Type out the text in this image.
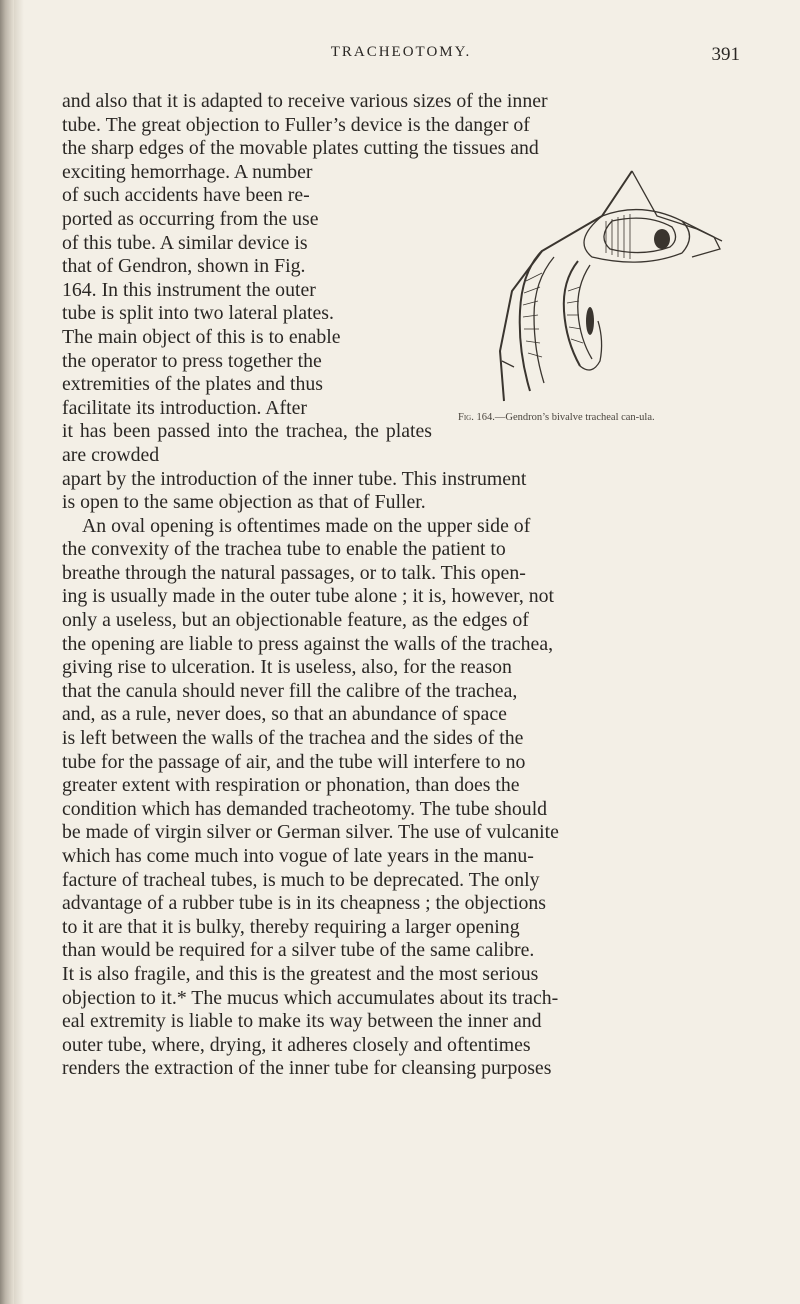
TRACHEOTOMY.	391

and also that it is adapted to receive various sizes of the inner
tube. The great objection to Fuller’s device is the danger of
the sharp edges of the movable plates cutting the tissues and
Fig. 164.—Gendron’s bivalve tracheal can-ula.
exciting hemorrhage. A number
of such accidents have been re-
ported as occurring from the use
of this tube. A similar device is
that of Gendron, shown in Fig.
164. In this instrument the outer
tube is split into two lateral plates.
The main object of this is to enable
the operator to press together the
extremities of the plates and thus
facilitate its introduction. After
it has been passed into the trachea, the plates are crowded
apart by the introduction of the inner tube. This instrument
is open to the same objection as that of Fuller.

An oval opening is oftentimes made on the upper side of
the convexity of the trachea tube to enable the patient to
breathe through the natural passages, or to talk. This open-
ing is usually made in the outer tube alone ; it is, however, not
only a useless, but an objectionable feature, as the edges of
the opening are liable to press against the walls of the trachea,
giving rise to ulceration. It is useless, also, for the reason
that the canula should never fill the calibre of the trachea,
and, as a rule, never does, so that an abundance of space
is left between the walls of the trachea and the sides of the
tube for the passage of air, and the tube will interfere to no
greater extent with respiration or phonation, than does the
condition which has demanded tracheotomy. The tube should
be made of virgin silver or German silver. The use of vulcanite
which has come much into vogue of late years in the manu-
facture of tracheal tubes, is much to be deprecated. The only
advantage of a rubber tube is in its cheapness ; the objections
to it are that it is bulky, thereby requiring a larger opening
than would be required for a silver tube of the same calibre.
It is also fragile, and this is the greatest and the most serious
objection to it.* The mucus which accumulates about its trach-
eal extremity is liable to make its way between the inner and
outer tube, where, drying, it adheres closely and oftentimes
renders the extraction of the inner tube for cleansing purposes
